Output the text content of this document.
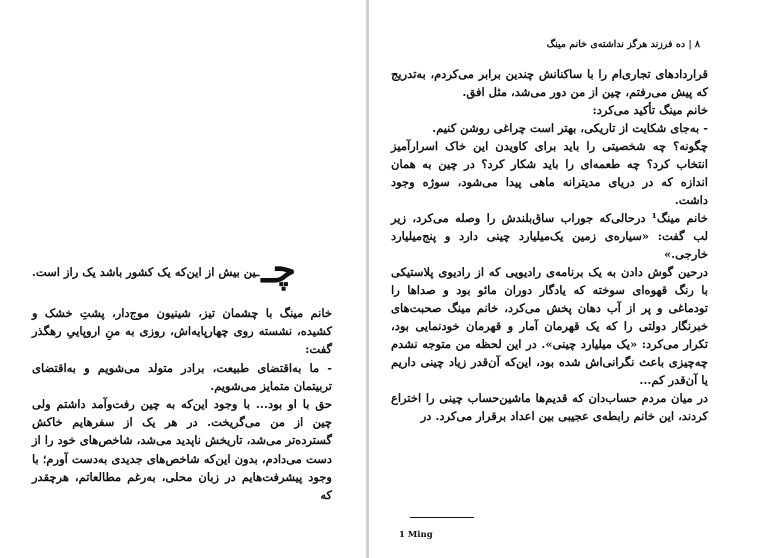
چــین بیش از این‌که یک کشور باشد یک راز است.

خانم مینگ با چشمان تیز، شینیون موج‌دار، پشتِ خشک و کشیده، نشسته روی چهارپایه‌اش، روزی به منِ اروپاییِ رهگذر گفت:

- ما به‌اقتضای طبیعت، برادر متولد می‌شویم و به‌اقتضای تربیتمان متمایز می‌شویم.

حق با او بود... با وجود این‌که به چین رفت‌وآمد داشتم ولی چین از من می‌گریخت. در هر یک از سفرهایم خاکش گسترده‌تر می‌شد، تاریخش ناپدید می‌شد، شاخص‌های خود را از دست می‌دادم، بدون این‌که شاخص‌های جدیدی به‌دست آورم؛ با وجود پیشرفت‌هایم در زبان محلی، به‌رغم مطالعاتم، هرچقدر که

۸| ده فرزند هرگز نداشته‌ی خانم مینگ

قراردادهای تجاری‌ام را با ساکنانش چندین برابر می‌کردم، به‌تدریج که پیش می‌رفتم، چین از من دور می‌شد، مثل افق.

خانم مینگ تأکید می‌کرد:

- به‌جای شکایت از تاریکی، بهتر است چراغی روشن کنیم.

چگونه؟ چه شخصیتی را باید برای کاویدن این خاک اسرارآمیز انتخاب کرد؟ چه طعمه‌ای را باید شکار کرد؟ در چین به همان اندازه که در دریای مدیترانه ماهی پیدا می‌شود، سوژه وجود داشت.

خانم مینگ¹ درحالی‌که جوراب ساق‌بلندش را وصله می‌کرد، زیر لب گفت: «سیاره‌ی زمین یک‌میلیارد چینی دارد و پنج‌میلیارد خارجی.»

درحین گوش دادن به یک برنامه‌ی رادیویی که از رادیوی پلاستیکی با رنگ قهوه‌ای سوخته که یادگار دوران مائو بود و صداها را تودماغی و پر از آب دهان پخش می‌کرد، خانم مینگ صحبت‌های خبرنگار دولتی را که یک قهرمان آمار و قهرمان خودنمایی بود، تکرار می‌کرد: «یک میلیارد چینی». در این لحظه من متوجه نشدم چه‌چیزی باعث نگرانی‌اش شده بود، این‌که آن‌قدر زیاد چینی داریم یا آن‌قدر کم...

در میان مردم حساب‌دان که قدیم‌ها ماشین‌حساب چینی را اختراع کردند، این خانم رابطه‌ی عجیبی بین اعداد برقرار می‌کرد. در

1 Ming
